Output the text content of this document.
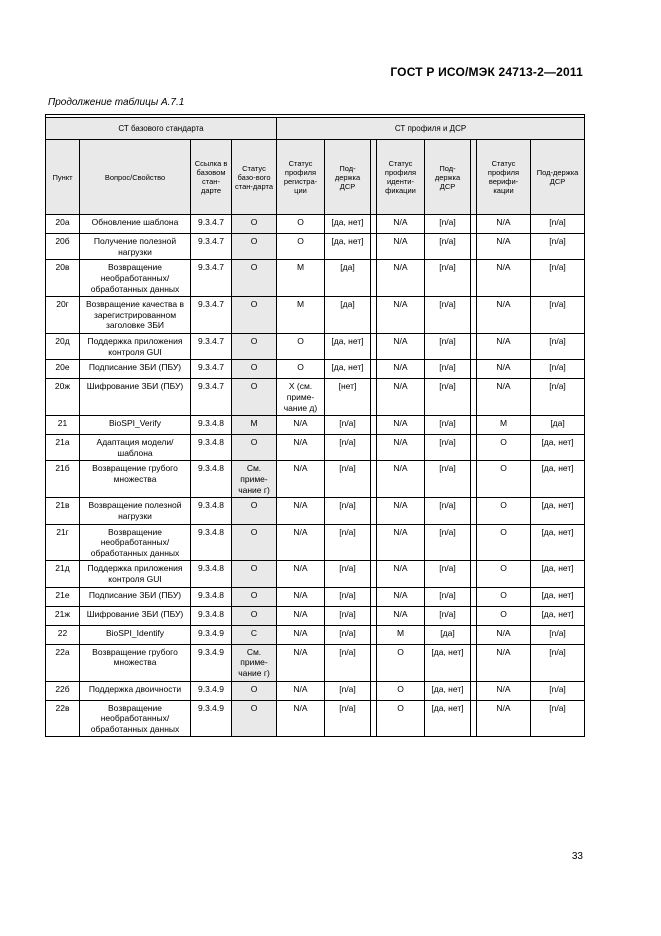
ГОСТ Р ИСО/МЭК 24713-2—2011
Продолжение таблицы А.7.1

СТ базового стандарта				СТ профиля и ДСР							
Пункт	Вопрос/Свойство	Ссылка в базовом стан-дарте	Статус базо-вого стан-дарта	Статус профиля регистра-ции	Под-держка ДСР		Статус профиля иденти-фикации	Под-держка ДСР		Статус профиля верифи-кации	Под-держка ДСР
20а	Обновление шаблона	9.3.4.7	О	О	[да, нет]		N/A	[n/a]		N/A	[n/a]
20б	Получение полезной нагрузки	9.3.4.7	О	О	[да, нет]		N/A	[n/a]		N/A	[n/a]
20в	Возвращение необработанных/обработанных данных	9.3.4.7	О	М	[да]		N/A	[n/a]		N/A	[n/a]
20г	Возвращение качества в зарегистрированном заголовке ЗБИ	9.3.4.7	О	М	[да]		N/A	[n/a]		N/A	[n/a]
20д	Поддержка приложения контроля GUI	9.3.4.7	О	О	[да, нет]		N/A	[n/a]		N/A	[n/a]
20е	Подписание ЗБИ (ПБУ)	9.3.4.7	О	О	[да, нет]		N/A	[n/a]		N/A	[n/a]
20ж	Шифрование ЗБИ (ПБУ)	9.3.4.7	О	Х (см. приме-чание д)	[нет]		N/A	[n/a]		N/A	[n/a]
21	BioSPI_Verify	9.3.4.8	М	N/A	[n/a]		N/A	[n/a]		М	[да]
21а	Адаптация модели/шаблона	9.3.4.8	О	N/A	[n/a]		N/A	[n/a]		О	[да, нет]
21б	Возвращение грубого множества	9.3.4.8	См. приме-чание г)	N/A	[n/a]		N/A	[n/a]		О	[да, нет]
21в	Возвращение полезной нагрузки	9.3.4.8	О	N/A	[n/a]		N/A	[n/a]		О	[да, нет]
21г	Возвращение необработанных/ обработанных данных	9.3.4.8	О	N/A	[n/a]		N/A	[n/a]		О	[да, нет]
21д	Поддержка приложения контроля GUI	9.3.4.8	О	N/A	[n/a]		N/A	[n/a]		О	[да, нет]
21е	Подписание ЗБИ (ПБУ)	9.3.4.8	О	N/A	[n/a]		N/A	[n/a]		О	[да, нет]
21ж	Шифрование ЗБИ (ПБУ)	9.3.4.8	О	N/A	[n/a]		N/A	[n/a]		О	[да, нет]
22	BioSPI_Identify	9.3.4.9	С	N/A	[n/a]		М	[да]		N/A	[n/a]
22а	Возвращение грубого множества	9.3.4.9	См. приме-чание г)	N/A	[n/a]		О	[да, нет]		N/A	[n/a]
22б	Поддержка двоичности	9.3.4.9	О	N/A	[n/a]		О	[да, нет]		N/A	[n/a]
22в	Возвращение необработанных/ обработанных данных	9.3.4.9	О	N/A	[n/a]		О	[да, нет]		N/A	[n/a]
33
